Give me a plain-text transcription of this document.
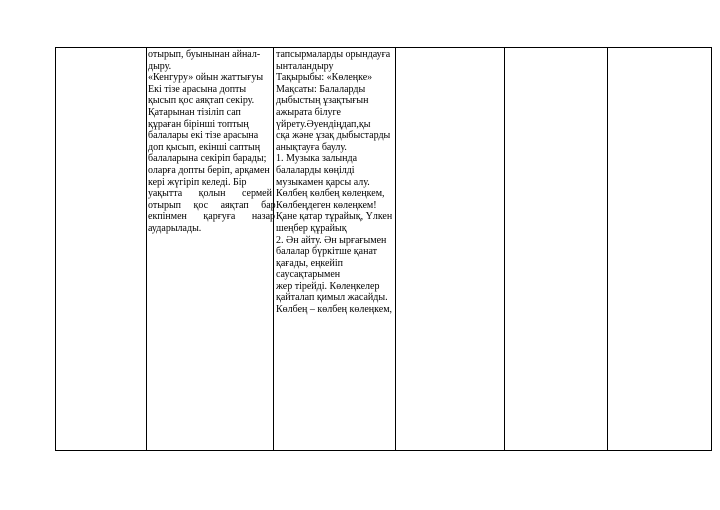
отырып, буынынан айнал-
дыру.
«Кенгуру» ойын жаттығуы
Екі тізе арасына допты
қысып қос аяқтап секіру.
Қатарынан тізіліп сап
құраған бірінші топтың
балалары екі тізе арасына
доп қысып, екінші саптың
балаларына секіріп барады;
оларға допты беріп, арқамен
кері жүгіріп келеді. Бір
уақытта қолын сермей
отырып қос аяқтап бар
екпінмен қарғуға назар
аударылады.
тапсырмаларды орындауға
ынталандыру
Тақырыбы: «Көлеңке»
Мақсаты: Балаларды
дыбыстың ұзақтығын
ажырата білуге
үйрету.Әуендіңдап,қы
сқа және ұзақ дыбыстарды
анықтауға баулу.
1. Музыка залында
балаларды көңілді
музыкамен қарсы алу.
Көлбең көлбең көлеңкем,
Көлбеңдеген көлеңкем!
Қане қатар тұрайық, Үлкен
шеңбер құрайық
2. Ән айту. Ән ырғағымен
балалар бүркітше қанат
қағады, еңкейіп
саусақтарымен
жер тірейді. Көлеңкелер
қайталап қимыл жасайды.
Көлбең – көлбең көлеңкем,
